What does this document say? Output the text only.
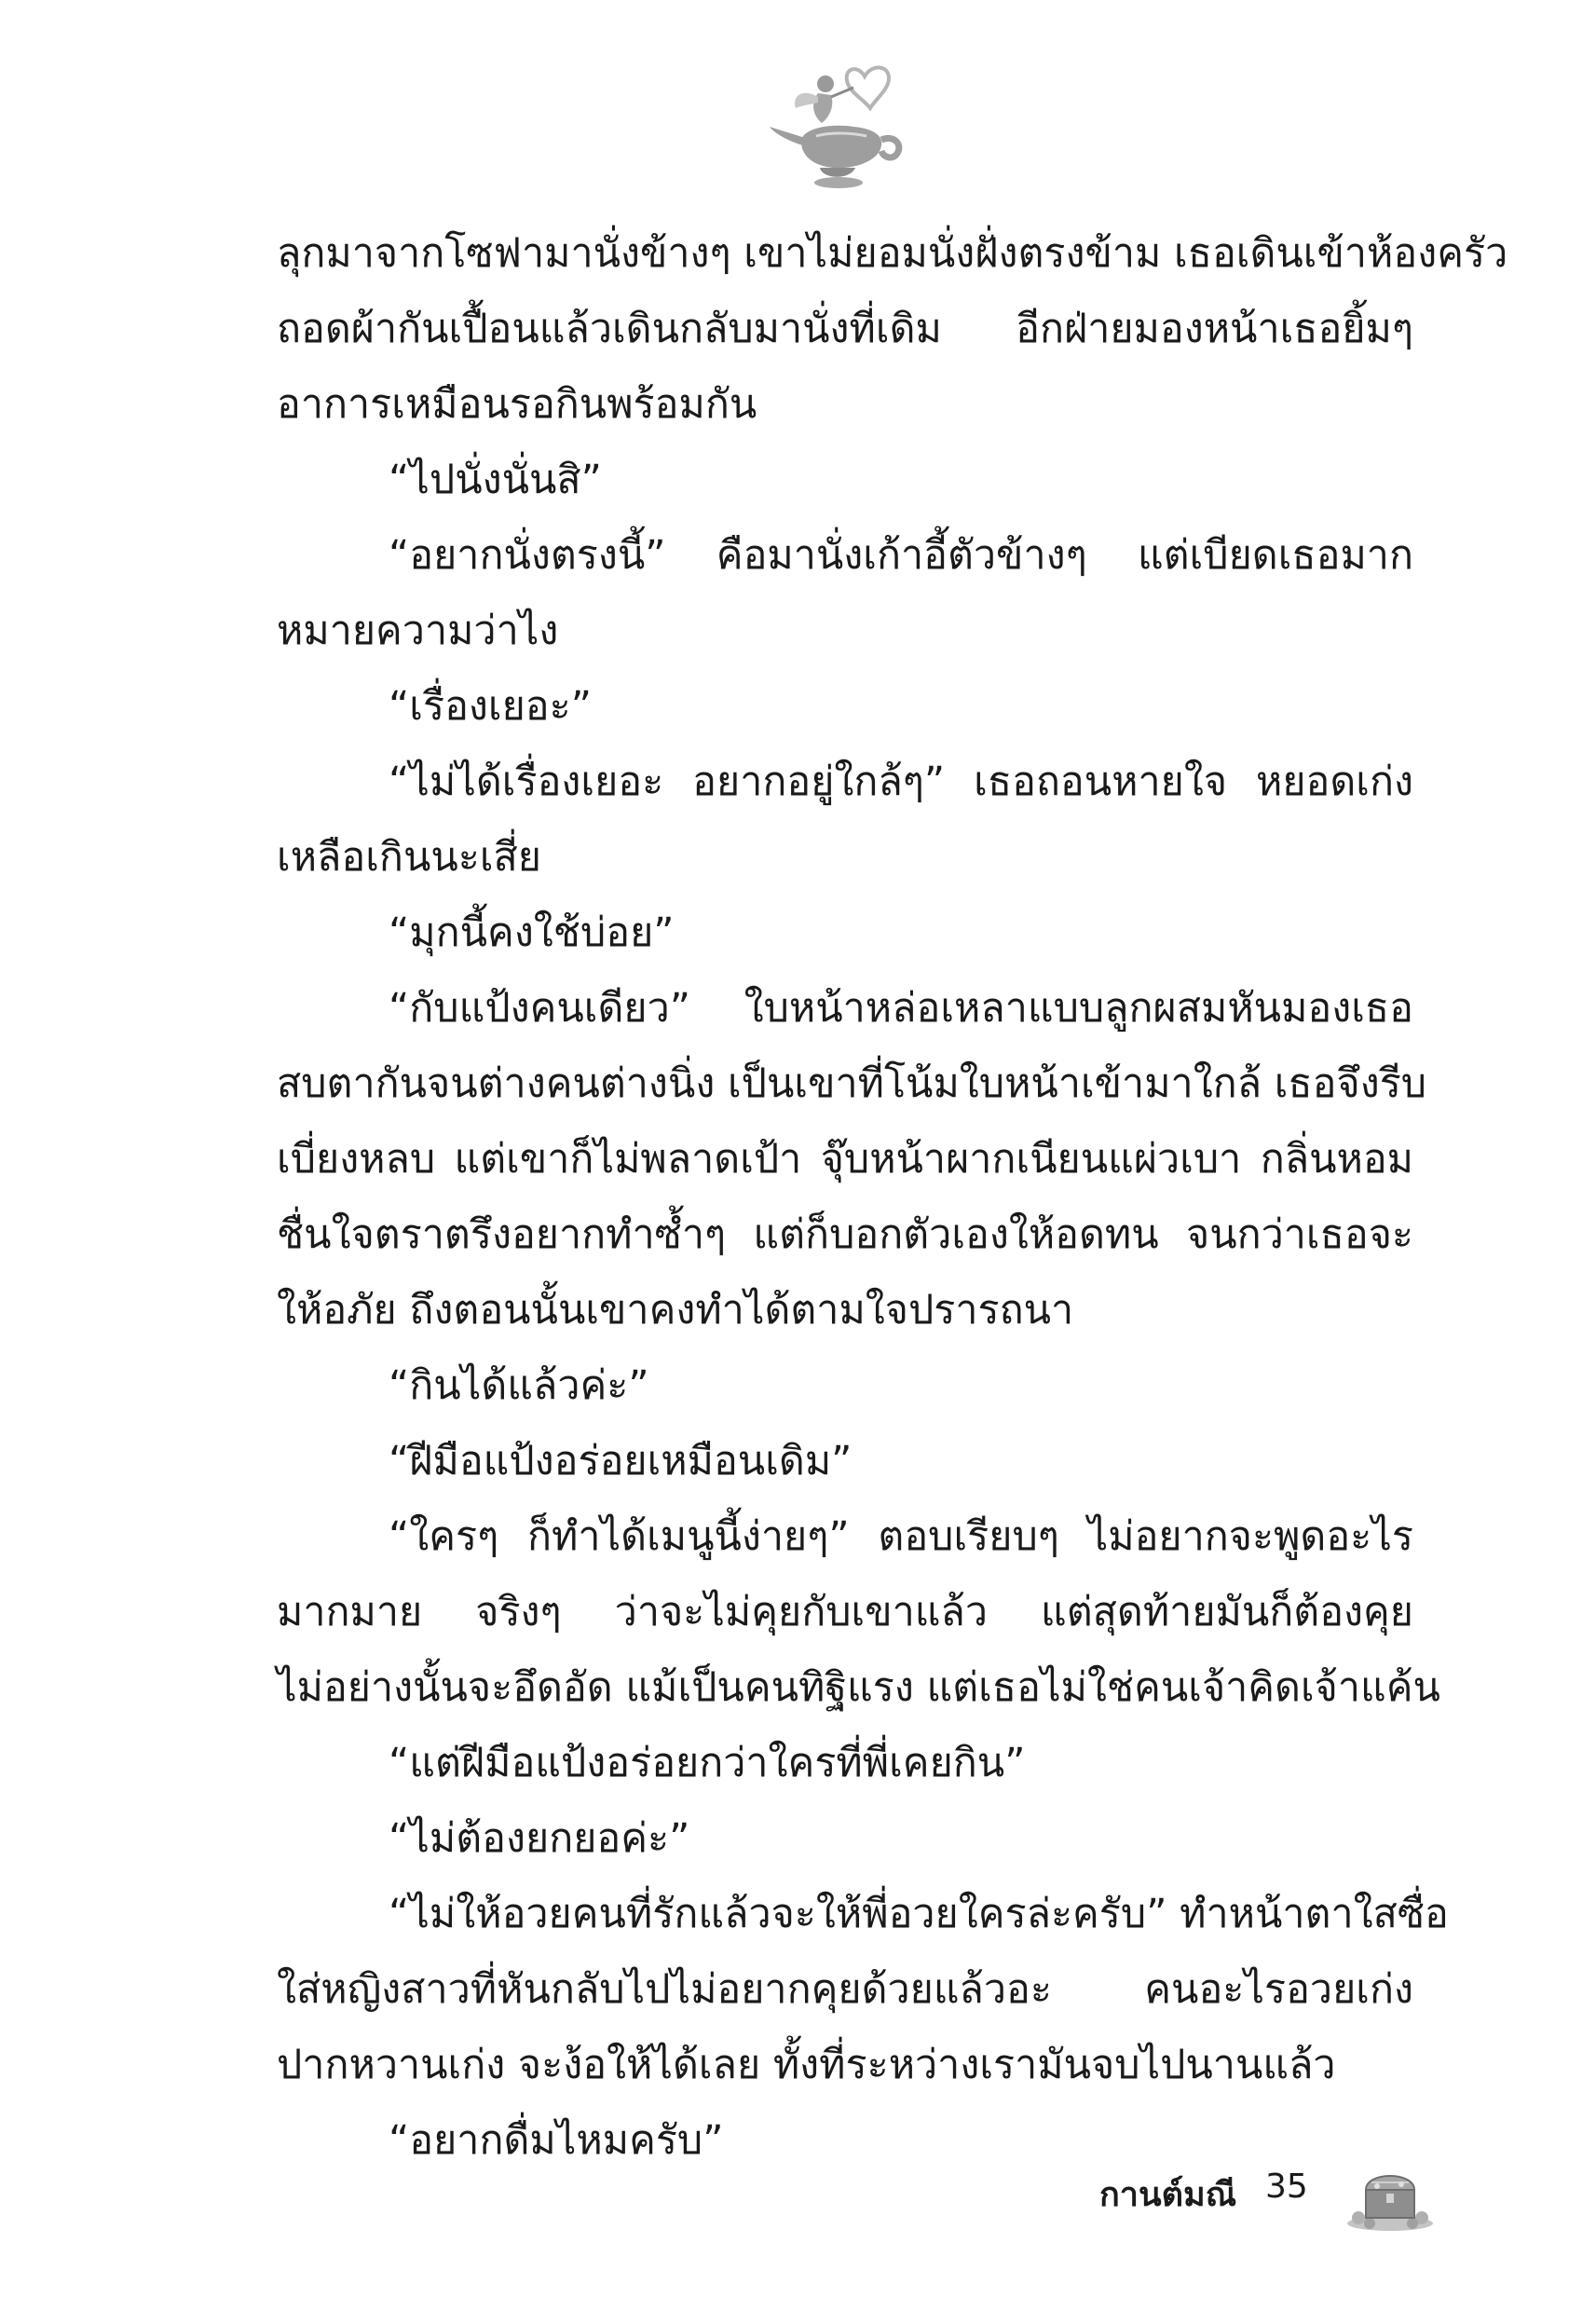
ลุกมาจากโซฟามานั่งข้างๆ เขาไม่ยอมนั่งฝั่งตรงข้าม เธอเดินเข้าห้องครัว
ถอดผ้ากันเปื้อนแล้วเดินกลับมานั่งที่เดิม อีกฝ่ายมองหน้าเธอยิ้มๆ
อาการเหมือนรอกินพร้อมกัน
“ไปนั่งนั่นสิ”
“อยากนั่งตรงนี้” คือมานั่งเก้าอี้ตัวข้างๆ แต่เบียดเธอมาก
หมายความว่าไง
“เรื่องเยอะ”
“ไม่ได้เรื่องเยอะ อยากอยู่ใกล้ๆ” เธอถอนหายใจ หยอดเก่ง
เหลือเกินนะเสี่ย
“มุกนี้คงใช้บ่อย”
“กับแป้งคนเดียว” ใบหน้าหล่อเหลาแบบลูกผสมหันมองเธอ
สบตากันจนต่างคนต่างนิ่ง เป็นเขาที่โน้มใบหน้าเข้ามาใกล้ เธอจึงรีบ
เบี่ยงหลบ แต่เขาก็ไม่พลาดเป้า จุ๊บหน้าผากเนียนแผ่วเบา กลิ่นหอม
ชื่นใจตราตรึงอยากทำซ้ำๆ แต่ก็บอกตัวเองให้อดทน จนกว่าเธอจะ
ให้อภัย ถึงตอนนั้นเขาคงทำได้ตามใจปรารถนา
“กินได้แล้วค่ะ”
“ฝีมือแป้งอร่อยเหมือนเดิม”
“ใครๆ ก็ทำได้เมนูนี้ง่ายๆ” ตอบเรียบๆ ไม่อยากจะพูดอะไร
มากมาย จริงๆ ว่าจะไม่คุยกับเขาแล้ว แต่สุดท้ายมันก็ต้องคุย
ไม่อย่างนั้นจะอึดอัด แม้เป็นคนทิฐิแรง แต่เธอไม่ใช่คนเจ้าคิดเจ้าแค้น
“แต่ฝีมือแป้งอร่อยกว่าใครที่พี่เคยกิน”
“ไม่ต้องยกยอค่ะ”
“ไม่ให้อวยคนที่รักแล้วจะให้พี่อวยใครล่ะครับ” ทำหน้าตาใสซื่อ
ใส่หญิงสาวที่หันกลับไปไม่อยากคุยด้วยแล้วอะ คนอะไรอวยเก่ง
ปากหวานเก่ง จะง้อให้ได้เลย ทั้งที่ระหว่างเรามันจบไปนานแล้ว
“อยากดื่มไหมครับ”
กานต์มณี 35
